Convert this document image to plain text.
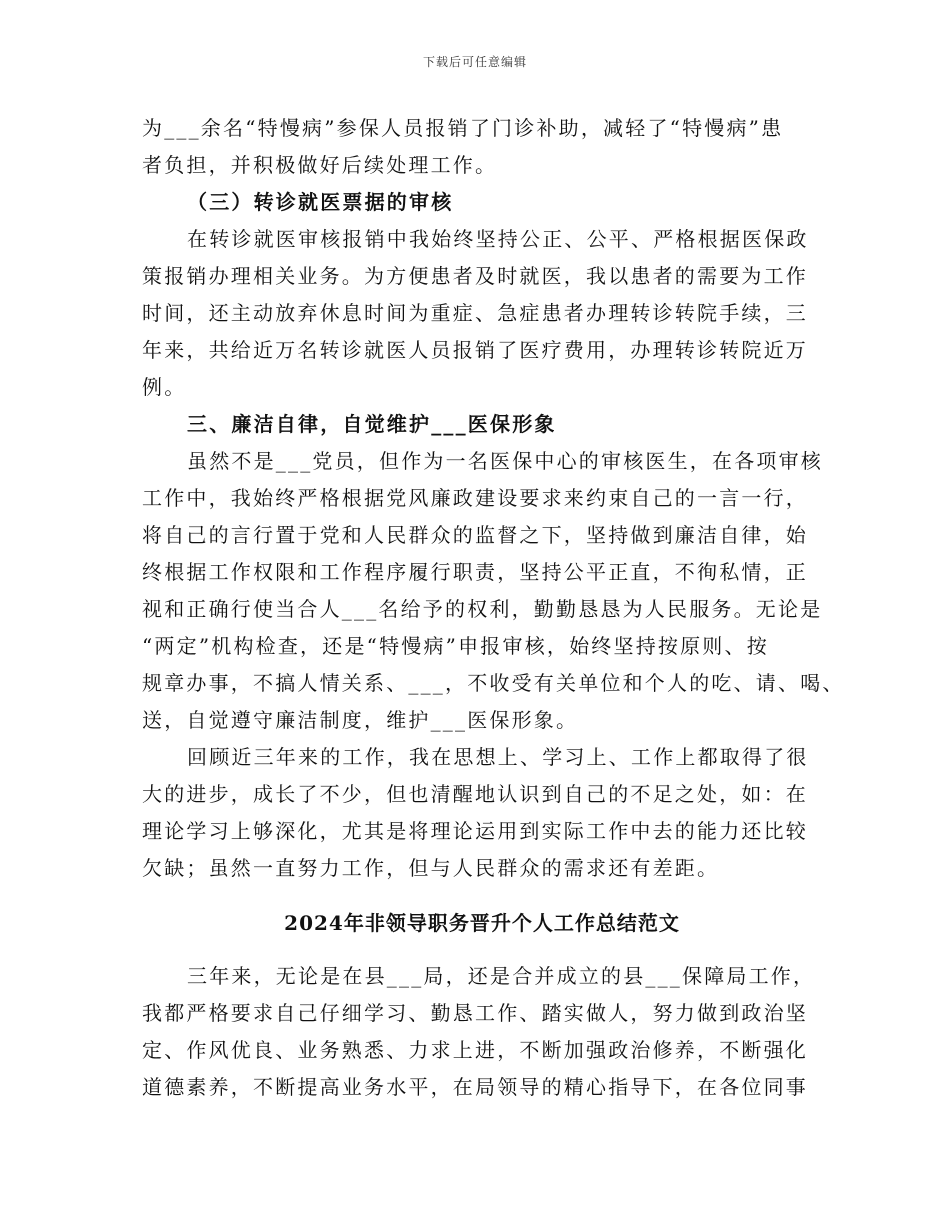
下载后可任意编辑
为___余名“特慢病”参保人员报销了门诊补助，减轻了“特慢病”患
者负担，并积极做好后续处理工作。
（三）转诊就医票据的审核
在转诊就医审核报销中我始终坚持公正、公平、严格根据医保政
策报销办理相关业务。为方便患者及时就医，我以患者的需要为工作
时间，还主动放弃休息时间为重症、急症患者办理转诊转院手续，三
年来，共给近万名转诊就医人员报销了医疗费用，办理转诊转院近万
例。
三、廉洁自律，自觉维护___医保形象
虽然不是___党员，但作为一名医保中心的审核医生，在各项审核
工作中，我始终严格根据党风廉政建设要求来约束自己的一言一行，
将自己的言行置于党和人民群众的监督之下，坚持做到廉洁自律，始
终根据工作权限和工作程序履行职责，坚持公平正直，不徇私情，正
视和正确行使当合人___名给予的权利，勤勤恳恳为人民服务。无论是
“两定”机构检查，还是“特慢病”申报审核，始终坚持按原则、按
规章办事，不搞人情关系、___，不收受有关单位和个人的吃、请、喝、
送，自觉遵守廉洁制度，维护___医保形象。
回顾近三年来的工作，我在思想上、学习上、工作上都取得了很
大的进步，成长了不少，但也清醒地认识到自己的不足之处，如：在
理论学习上够深化，尤其是将理论运用到实际工作中去的能力还比较
欠缺；虽然一直努力工作，但与人民群众的需求还有差距。
2024年非领导职务晋升个人工作总结范文
三年来，无论是在县___局，还是合并成立的县___保障局工作，
我都严格要求自己仔细学习、勤恳工作、踏实做人，努力做到政治坚
定、作风优良、业务熟悉、力求上进，不断加强政治修养，不断强化
道德素养，不断提高业务水平，在局领导的精心指导下，在各位同事
